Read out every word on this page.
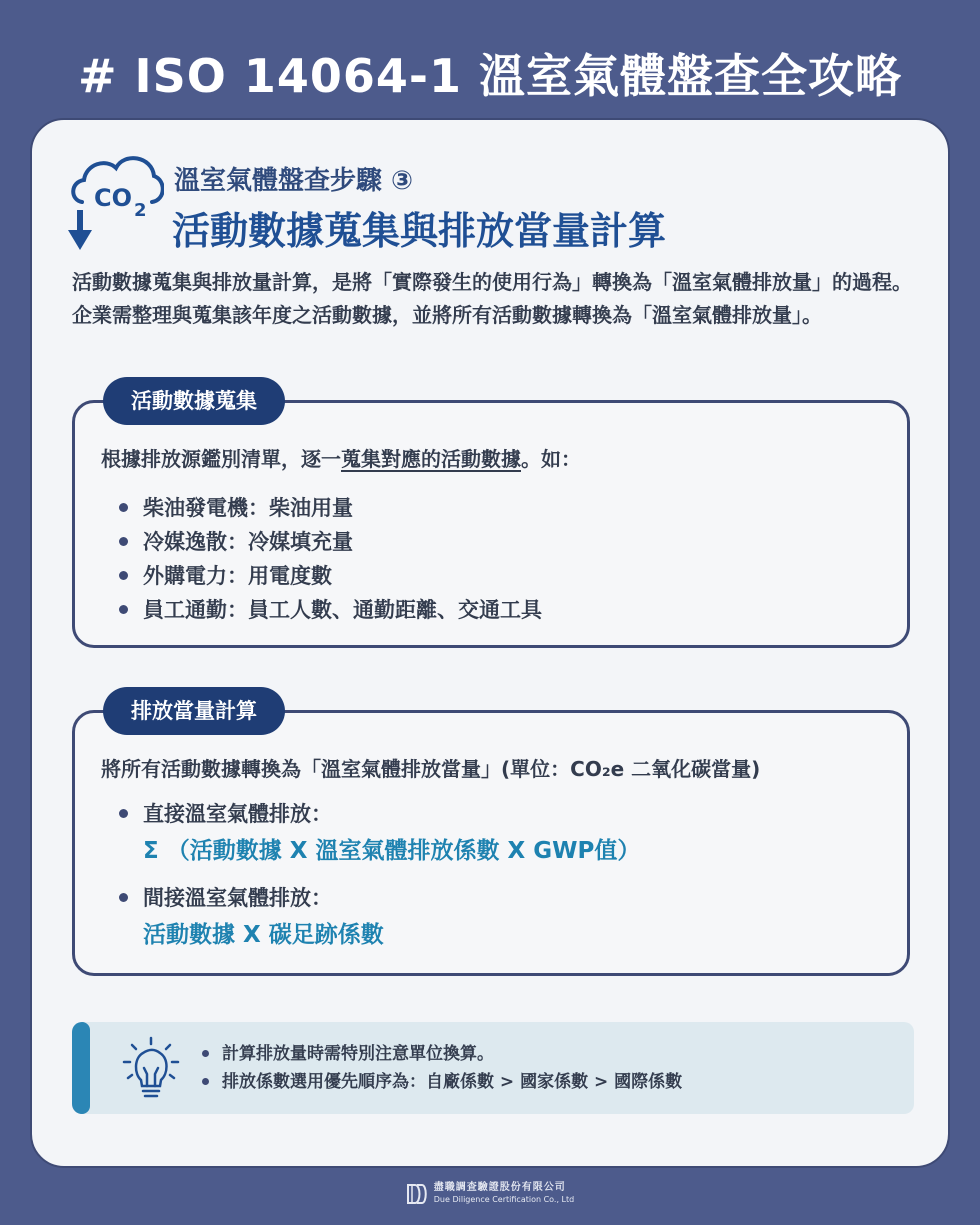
# ISO 14064-1 溫室氣體盤查全攻略
CO 2
溫室氣體盤查步驟 ③
活動數據蒐集與排放當量計算
活動數據蒐集與排放量計算，是將「實際發生的使用行為」轉換為「溫室氣體排放量」的過程。企業需整理與蒐集該年度之活動數據，並將所有活動數據轉換為「溫室氣體排放量」。
活動數據蒐集
根據排放源鑑別清單，逐一蒐集對應的活動數據。如：
柴油發電機：柴油用量
冷媒逸散：冷媒填充量
外購電力：用電度數
員工通勤：員工人數、通勤距離、交通工具
排放當量計算
將所有活動數據轉換為「溫室氣體排放當量」(單位：CO₂e 二氧化碳當量)
直接溫室氣體排放：
Σ （活動數據 X 溫室氣體排放係數 X GWP值）
間接溫室氣體排放：
活動數據 X 碳足跡係數
計算排放量時需特別注意單位換算。
排放係數選用優先順序為：自廠係數 > 國家係數 > 國際係數
盡職調查驗證股份有限公司
Due Diligence Certification Co., Ltd
